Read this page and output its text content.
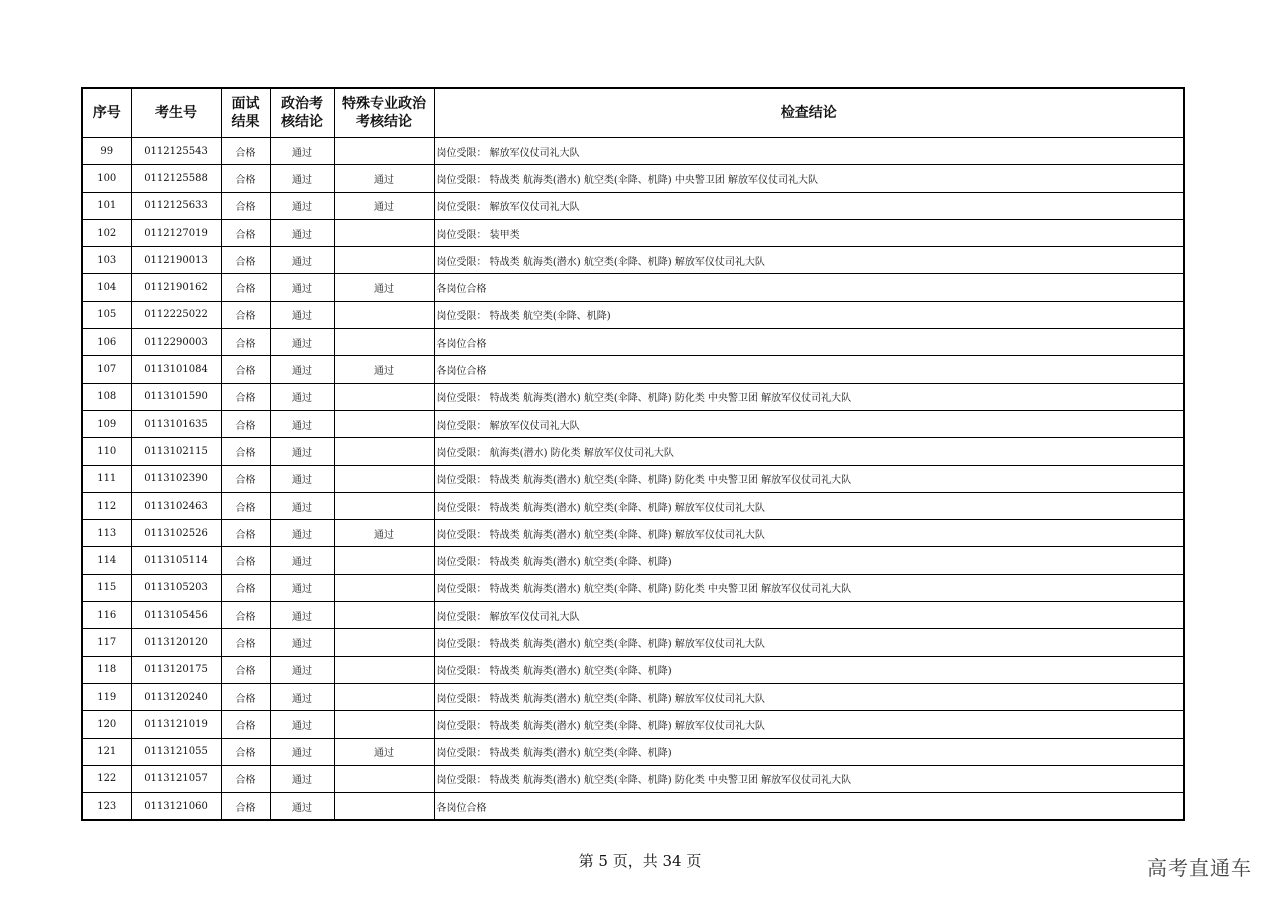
序号	考生号	面试结果	政治考核结论	特殊专业政治考核结论	检查结论
99	0112125543	合格	通过		岗位受限： 解放军仪仗司礼大队
100	0112125588	合格	通过	通过	岗位受限： 特战类 航海类(潜水) 航空类(伞降、机降) 中央警卫团 解放军仪仗司礼大队
101	0112125633	合格	通过	通过	岗位受限： 解放军仪仗司礼大队
102	0112127019	合格	通过		岗位受限： 装甲类
103	0112190013	合格	通过		岗位受限： 特战类 航海类(潜水) 航空类(伞降、机降) 解放军仪仗司礼大队
104	0112190162	合格	通过	通过	各岗位合格
105	0112225022	合格	通过		岗位受限： 特战类 航空类(伞降、机降)
106	0112290003	合格	通过		各岗位合格
107	0113101084	合格	通过	通过	各岗位合格
108	0113101590	合格	通过		岗位受限： 特战类 航海类(潜水) 航空类(伞降、机降) 防化类 中央警卫团 解放军仪仗司礼大队
109	0113101635	合格	通过		岗位受限： 解放军仪仗司礼大队
110	0113102115	合格	通过		岗位受限： 航海类(潜水) 防化类 解放军仪仗司礼大队
111	0113102390	合格	通过		岗位受限： 特战类 航海类(潜水) 航空类(伞降、机降) 防化类 中央警卫团 解放军仪仗司礼大队
112	0113102463	合格	通过		岗位受限： 特战类 航海类(潜水) 航空类(伞降、机降) 解放军仪仗司礼大队
113	0113102526	合格	通过	通过	岗位受限： 特战类 航海类(潜水) 航空类(伞降、机降) 解放军仪仗司礼大队
114	0113105114	合格	通过		岗位受限： 特战类 航海类(潜水) 航空类(伞降、机降)
115	0113105203	合格	通过		岗位受限： 特战类 航海类(潜水) 航空类(伞降、机降) 防化类 中央警卫团 解放军仪仗司礼大队
116	0113105456	合格	通过		岗位受限： 解放军仪仗司礼大队
117	0113120120	合格	通过		岗位受限： 特战类 航海类(潜水) 航空类(伞降、机降) 解放军仪仗司礼大队
118	0113120175	合格	通过		岗位受限： 特战类 航海类(潜水) 航空类(伞降、机降)
119	0113120240	合格	通过		岗位受限： 特战类 航海类(潜水) 航空类(伞降、机降) 解放军仪仗司礼大队
120	0113121019	合格	通过		岗位受限： 特战类 航海类(潜水) 航空类(伞降、机降) 解放军仪仗司礼大队
121	0113121055	合格	通过	通过	岗位受限： 特战类 航海类(潜水) 航空类(伞降、机降)
122	0113121057	合格	通过		岗位受限： 特战类 航海类(潜水) 航空类(伞降、机降) 防化类 中央警卫团 解放军仪仗司礼大队
123	0113121060	合格	通过		各岗位合格
第 5 页，共 34 页	高考直通车
